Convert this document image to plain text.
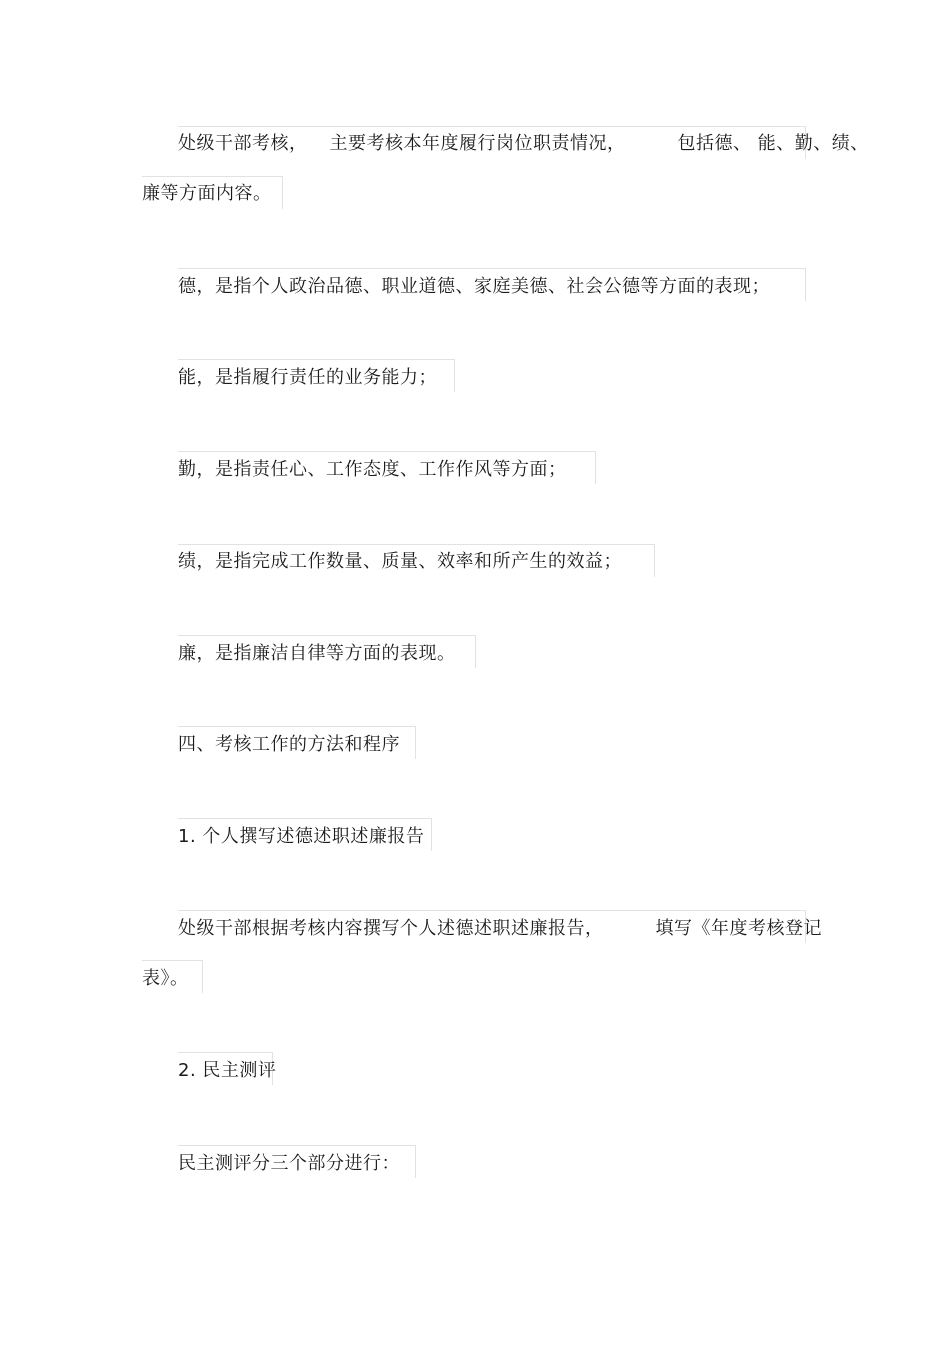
处级干部考核， 主要考核本年度履行岗位职责情况，	包括德、 能、勤、绩、
廉等方面内容。
德，是指个人政治品德、职业道德、家庭美德、社会公德等方面的表现；
能，是指履行责任的业务能力；
勤，是指责任心、工作态度、工作作风等方面；
绩，是指完成工作数量、质量、效率和所产生的效益；
廉，是指廉洁自律等方面的表现。
四、考核工作的方法和程序
1. 个人撰写述德述职述廉报告
处级干部根据考核内容撰写个人述德述职述廉报告，	填写《年度考核登记
表》。
2. 民主测评
民主测评分三个部分进行：
